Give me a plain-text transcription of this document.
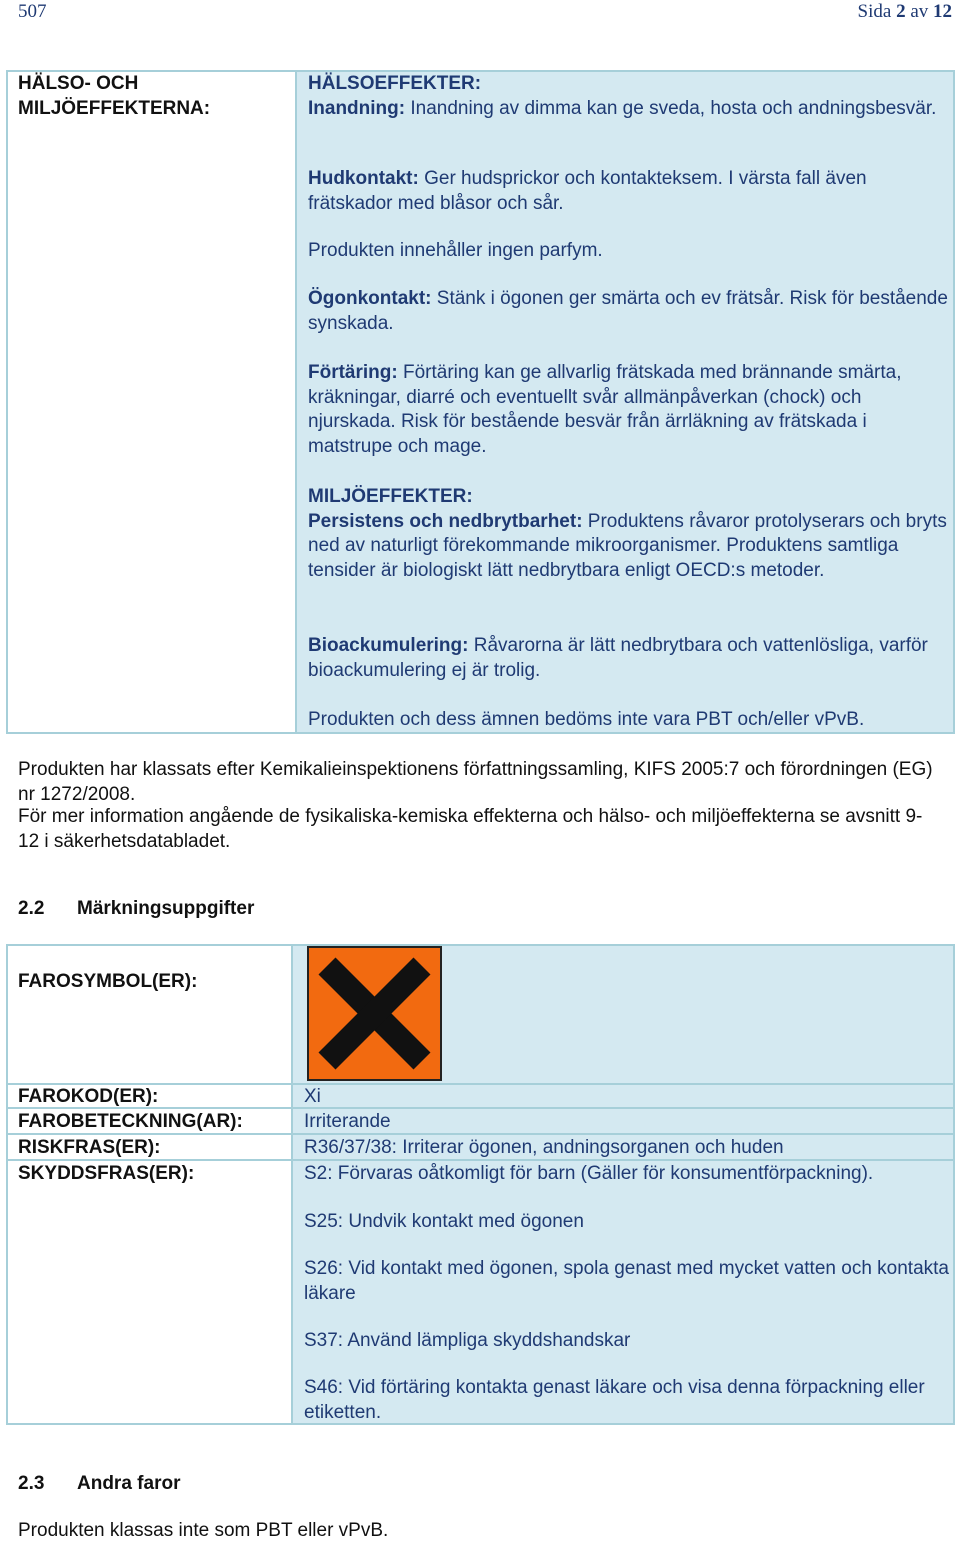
507	Sida 2 av 12
HÄLSO- OCH
MILJÖEFFEKTERNA:
HÄLSOEFFEKTER:
Inandning: Inandning av dimma kan ge sveda, hosta och andningsbesvär.
Hudkontakt: Ger hudsprickor och kontakteksem. I värsta fall även frätskador med blåsor och sår.
Produkten innehåller ingen parfym.
Ögonkontakt: Stänk i ögonen ger smärta och ev frätsår. Risk för bestående synskada.
Förtäring: Förtäring kan ge allvarlig frätskada med brännande smärta, kräkningar, diarré och eventuellt svår allmänpåverkan (chock) och njurskada. Risk för bestående besvär från ärrläkning av frätskada i matstrupe och mage.
MILJÖEFFEKTER:
Persistens och nedbrytbarhet: Produktens råvaror protolyserars och bryts ned av naturligt förekommande mikroorganismer. Produktens samtliga tensider är biologiskt lätt nedbrytbara enligt OECD:s metoder.
Bioackumulering: Råvarorna är lätt nedbrytbara och vattenlösliga, varför bioackumulering ej är trolig.
Produkten och dess ämnen bedöms inte vara PBT och/eller vPvB.
Produkten har klassats efter Kemikalieinspektionens författningssamling, KIFS 2005:7 och förordningen (EG) nr 1272/2008.
För mer information angående de fysikaliska-kemiska effekterna och hälso- och miljöeffekterna se avsnitt 9-12 i säkerhetsdatabladet.
2.2 Märkningsuppgifter
FAROSYMBOL(ER):
FAROKOD(ER):	Xi
FAROBETECKNING(AR):	Irriterande
RISKFRAS(ER):	R36/37/38: Irriterar ögonen, andningsorganen och huden
SKYDDSFRAS(ER):	S2: Förvaras oåtkomligt för barn (Gäller för konsumentförpackning).
S25: Undvik kontakt med ögonen
S26: Vid kontakt med ögonen, spola genast med mycket vatten och kontakta läkare
S37: Använd lämpliga skyddshandskar
S46: Vid förtäring kontakta genast läkare och visa denna förpackning eller etiketten.
2.3 Andra faror
Produkten klassas inte som PBT eller vPvB.
